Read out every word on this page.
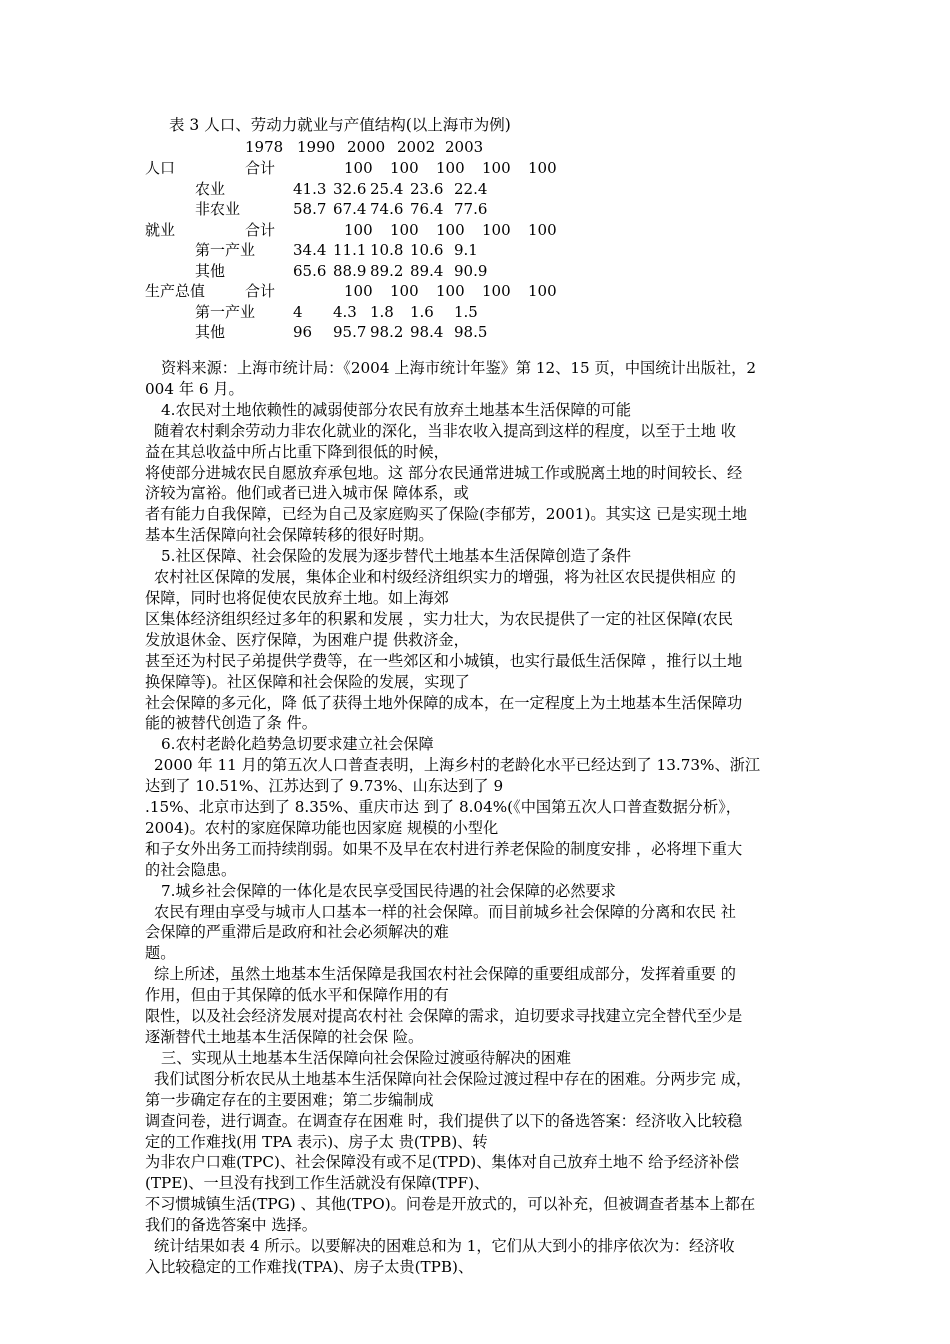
表 3 人口、劳动力就业与产值结构(以上海市为例)
1978 1990 2000 2002 2003
人口	合计	100 100 100 100 100
农业	41.3 32.6 25.4 23.6 22.4
非农业	58.7 67.4 74.6 76.4 77.6
就业	合计	100 100 100 100 100
第一产业	34.4 11.1 10.8 10.6 9.1
其他	65.6 88.9 89.2 89.4 90.9
生产总值	合计	100 100 100 100 100
第一产业	4 4.3 1.8 1.6 1.5
其他	96 95.7 98.2 98.4 98.5

资料来源：上海市统计局：《2004 上海市统计年鉴》第 12、15 页，中国统计出版社，2

004 年 6 月。

4.农民对土地依赖性的减弱使部分农民有放弃土地基本生活保障的可能

随着农村剩余劳动力非农化就业的深化，当非农收入提高到这样的程度，以至于土地 收

益在其总收益中所占比重下降到很低的时候，

将使部分进城农民自愿放弃承包地。这 部分农民通常进城工作或脱离土地的时间较长、经

济较为富裕。他们或者已进入城市保 障体系，或

者有能力自我保障，已经为自己及家庭购买了保险(李郁芳，2001)。其实这 已是实现土地

基本生活保障向社会保障转移的很好时期。

5.社区保障、社会保险的发展为逐步替代土地基本生活保障创造了条件

农村社区保障的发展，集体企业和村级经济组织实力的增强，将为社区农民提供相应 的

保障，同时也将促使农民放弃土地。如上海郊

区集体经济组织经过多年的积累和发展 ，实力壮大，为农民提供了一定的社区保障(农民

发放退休金、医疗保障，为困难户提 供救济金，

甚至还为村民子弟提供学费等，在一些郊区和小城镇，也实行最低生活保障 ，推行以土地

换保障等)。社区保障和社会保险的发展，实现了

社会保障的多元化，降 低了获得土地外保障的成本，在一定程度上为土地基本生活保障功

能的被替代创造了条 件。

6.农村老龄化趋势急切要求建立社会保障

2000 年 11 月的第五次人口普查表明，上海乡村的老龄化水平已经达到了 13.73%、浙江

达到了 10.51%、江苏达到了 9.73%、山东达到了 9

.15%、北京市达到了 8.35%、重庆市达 到了 8.04%(《中国第五次人口普查数据分析》，

2004)。农村的家庭保障功能也因家庭 规模的小型化

和子女外出务工而持续削弱。如果不及早在农村进行养老保险的制度安排 ，必将埋下重大

的社会隐患。

7.城乡社会保障的一体化是农民享受国民待遇的社会保障的必然要求

农民有理由享受与城市人口基本一样的社会保障。而目前城乡社会保障的分离和农民 社

会保障的严重滞后是政府和社会必须解决的难

题。

综上所述，虽然土地基本生活保障是我国农村社会保障的重要组成部分，发挥着重要 的

作用，但由于其保障的低水平和保障作用的有

限性，以及社会经济发展对提高农村社 会保障的需求，迫切要求寻找建立完全替代至少是

逐渐替代土地基本生活保障的社会保 险。

三、实现从土地基本生活保障向社会保险过渡亟待解决的困难

我们试图分析农民从土地基本生活保障向社会保险过渡过程中存在的困难。分两步完 成，

第一步确定存在的主要困难；第二步编制成

调查问卷，进行调查。在调查存在困难 时，我们提供了以下的备选答案：经济收入比较稳

定的工作难找(用 TPA 表示)、房子太 贵(TPB)、转

为非农户口难(TPC)、社会保障没有或不足(TPD)、集体对自己放弃土地不 给予经济补偿

(TPE)、一旦没有找到工作生活就没有保障(TPF)、

不习惯城镇生活(TPG) 、其他(TPO)。问卷是开放式的，可以补充，但被调查者基本上都在

我们的备选答案中 选择。

统计结果如表 4 所示。以要解决的困难总和为 1，它们从大到小的排序依次为：经济收

入比较稳定的工作难找(TPA)、房子太贵(TPB)、
